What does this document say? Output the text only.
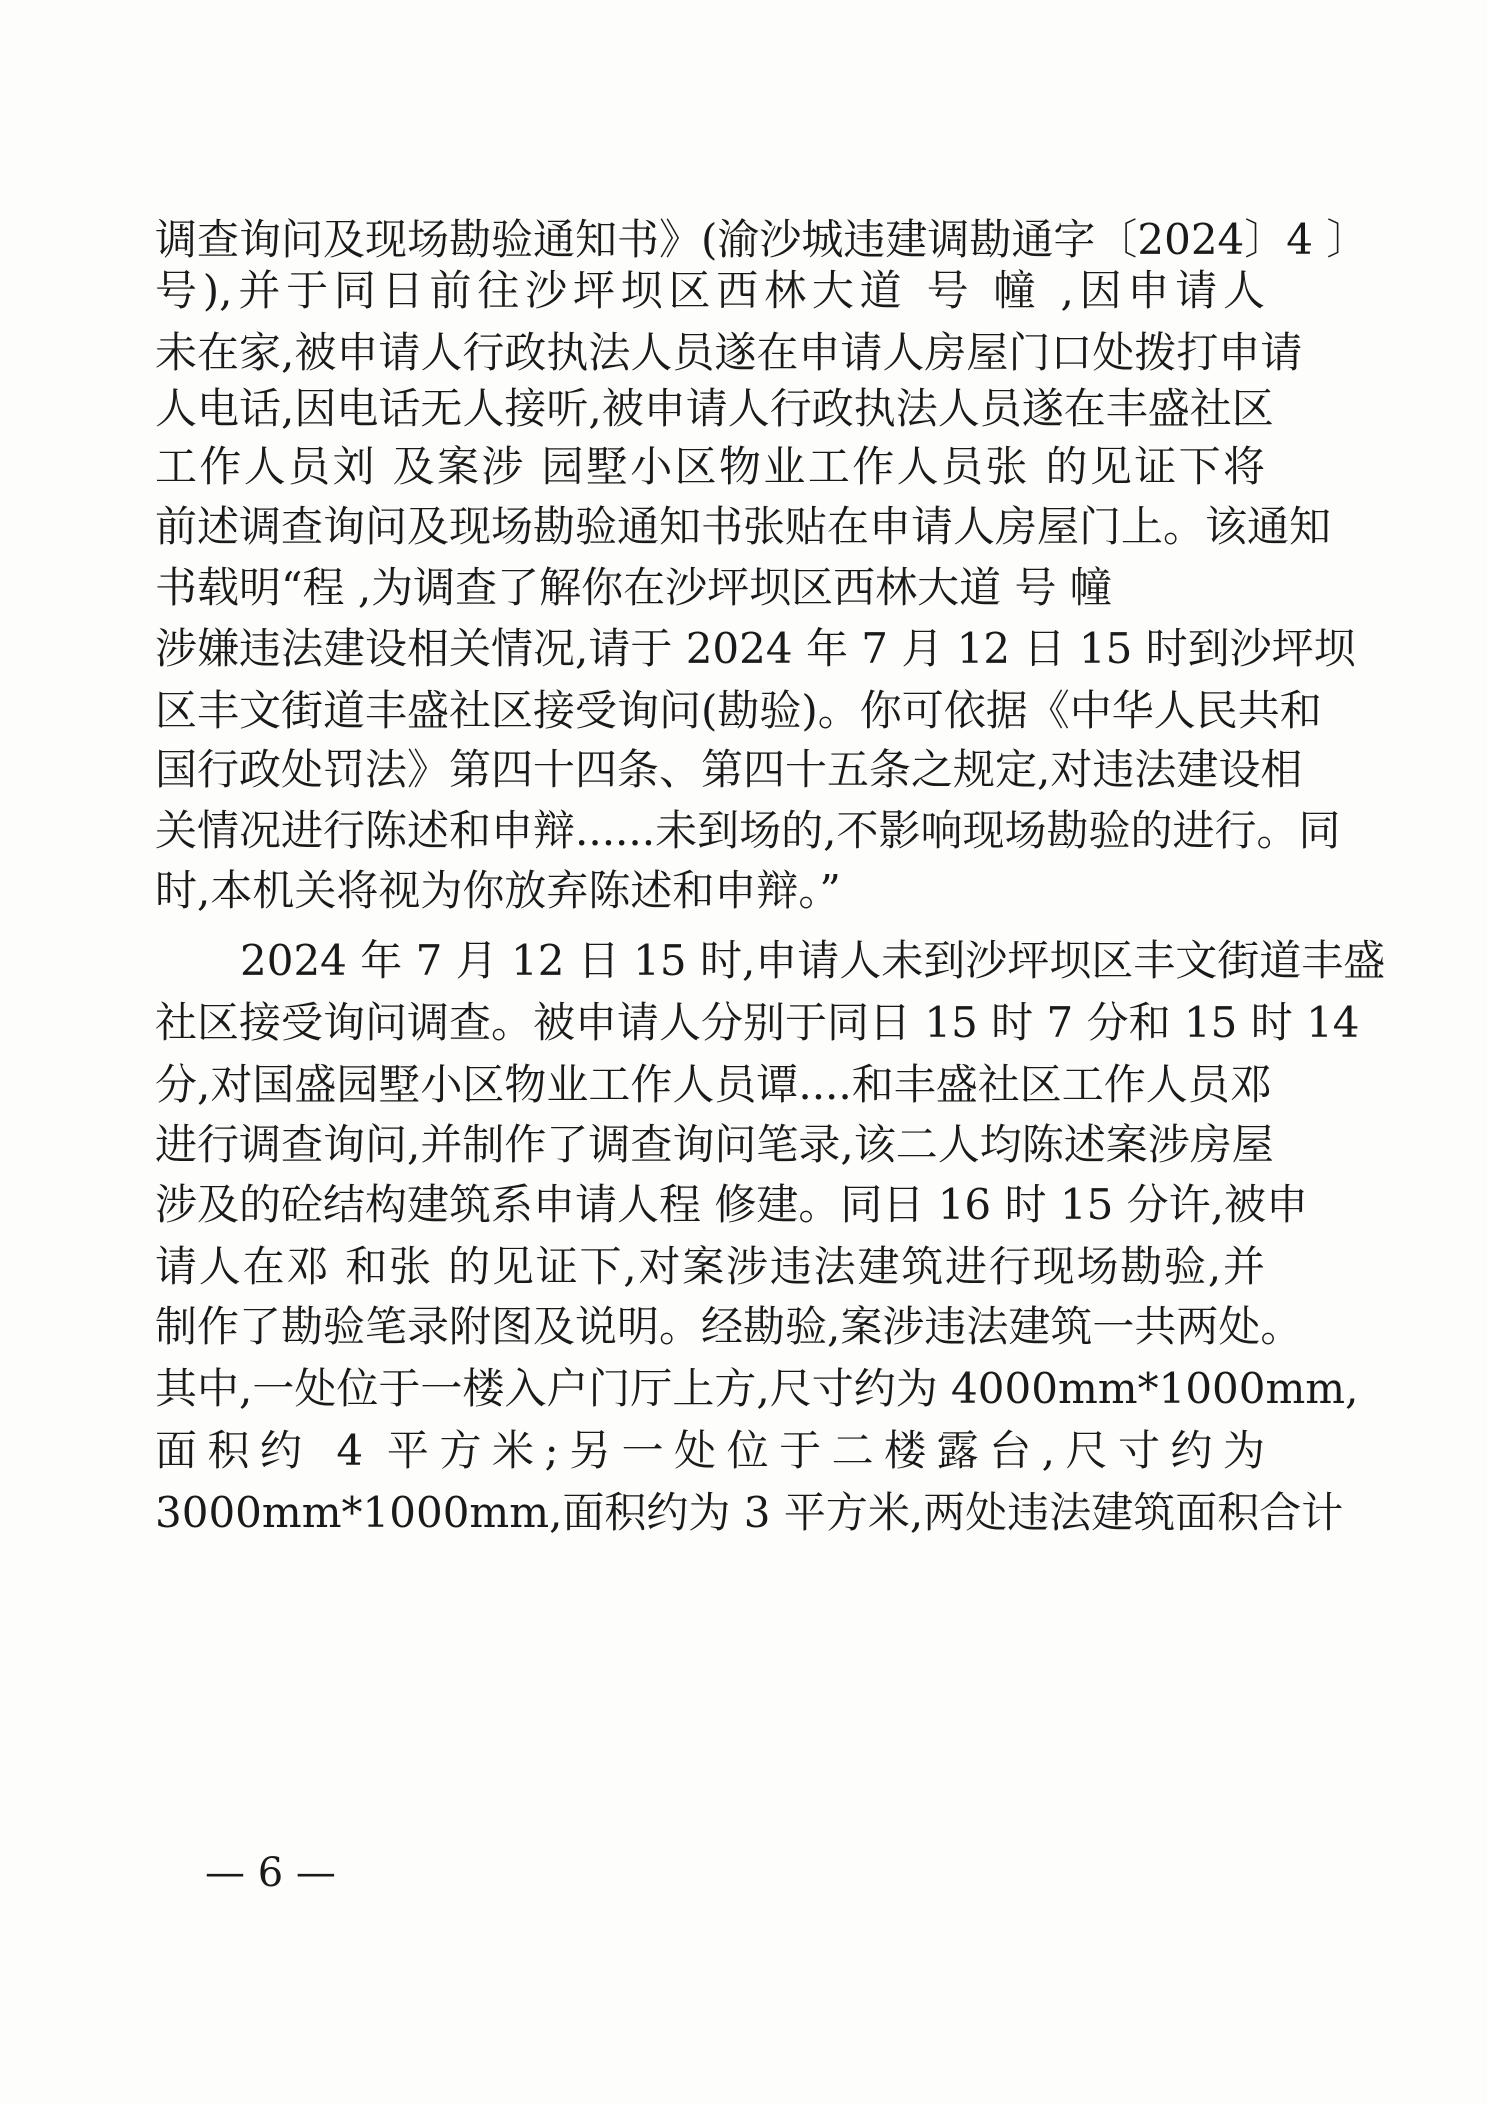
调查询问及现场勘验通知书》(渝沙城违建调勘通字〔2024〕4 〕
号),并于同日前往沙坪坝区西林大道 号 幢 ,因申请人
未在家,被申请人行政执法人员遂在申请人房屋门口处拨打申请
人电话,因电话无人接听,被申请人行政执法人员遂在丰盛社区
工作人员刘 及案涉 园墅小区物业工作人员张 的见证下将
前述调查询问及现场勘验通知书张贴在申请人房屋门上。该通知
书载明“程 ,为调查了解你在沙坪坝区西林大道 号 幢
涉嫌违法建设相关情况,请于 2024 年 7 月 12 日 15 时到沙坪坝
区丰文街道丰盛社区接受询问(勘验)。你可依据《中华人民共和
国行政处罚法》第四十四条、第四十五条之规定,对违法建设相
关情况进行陈述和申辩......未到场的,不影响现场勘验的进行。同
时,本机关将视为你放弃陈述和申辩。”
2024 年 7 月 12 日 15 时,申请人未到沙坪坝区丰文街道丰盛
社区接受询问调查。被申请人分别于同日 15 时 7 分和 15 时 14
分,对国盛园墅小区物业工作人员谭....和丰盛社区工作人员邓
进行调查询问,并制作了调查询问笔录,该二人均陈述案涉房屋
涉及的砼结构建筑系申请人程 修建。同日 16 时 15 分许,被申
请人在邓 和张 的见证下,对案涉违法建筑进行现场勘验,并
制作了勘验笔录附图及说明。经勘验,案涉违法建筑一共两处。
其中,一处位于一楼入户门厅上方,尺寸约为 4000mm*1000mm,
面积约 4 平方米;另一处位于二楼露台,尺寸约为
3000mm*1000mm,面积约为 3 平方米,两处违法建筑面积合计
— 6 —
